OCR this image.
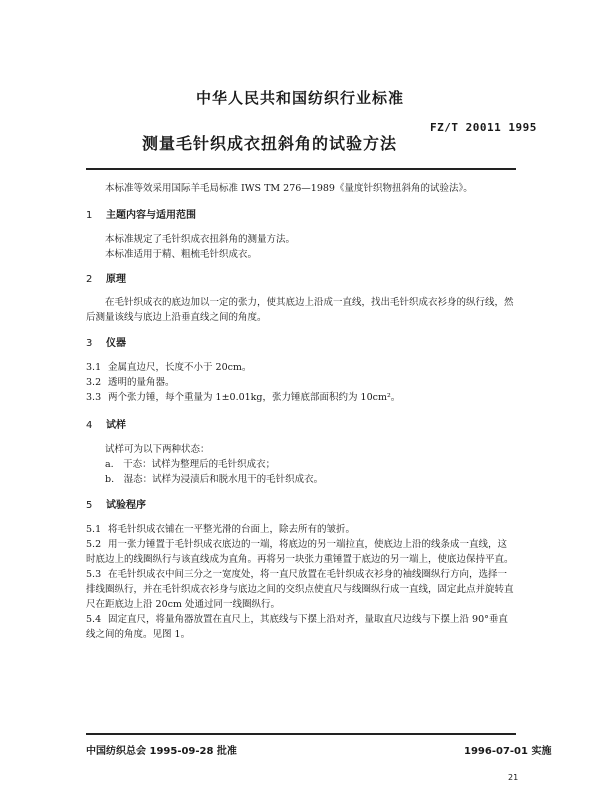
中华人民共和国纺织行业标准
测量毛针织成衣扭斜角的试验方法
FZ/T 20011 1995
本标准等效采用国际羊毛局标准 IWS TM 276—1989《量度针织物扭斜角的试验法》。
1 主题内容与适用范围
本标准规定了毛针织成衣扭斜角的测量方法。
本标准适用于精、粗梳毛针织成衣。
2 原理
在毛针织成衣的底边加以一定的张力，使其底边上沿成一直线，找出毛针织成衣衫身的纵行线，然后测量该线与底边上沿垂直线之间的角度。
3 仪器
3.1 金属直边尺，长度不小于 20cm。
3.2 透明的量角器。
3.3 两个张力锤，每个重量为 1±0.01kg，张力锤底部面积约为 10cm²。
4 试样
试样可为以下两种状态：
a.　干态：试样为整理后的毛针织成衣；
b.　湿态：试样为浸渍后和脱水甩干的毛针织成衣。
5 试验程序
5.1 将毛针织成衣铺在一平整光滑的台面上，除去所有的皱折。
5.2 用一张力锤置于毛针织成衣底边的一端，将底边的另一端拉直，使底边上沿的线条成一直线，这时底边上的线圈纵行与该直线成为直角。再将另一块张力重锤置于底边的另一端上，使底边保持平直。
5.3 在毛针织成衣中间三分之一宽度处，将一直尺放置在毛针织成衣衫身的袖线圈纵行方向，选择一排线圈纵行，并在毛针织成衣衫身与底边之间的交织点使直尺与线圈纵行成一直线，固定此点并旋转直尺在距底边上沿 20cm 处通过同一线圈纵行。
5.4 固定直尺，将量角器放置在直尺上，其底线与下摆上沿对齐，量取直尺边线与下摆上沿 90°垂直线之间的角度。见图 1。
中国纺织总会 1995-09-28 批准	1996-07-01 实施
21
